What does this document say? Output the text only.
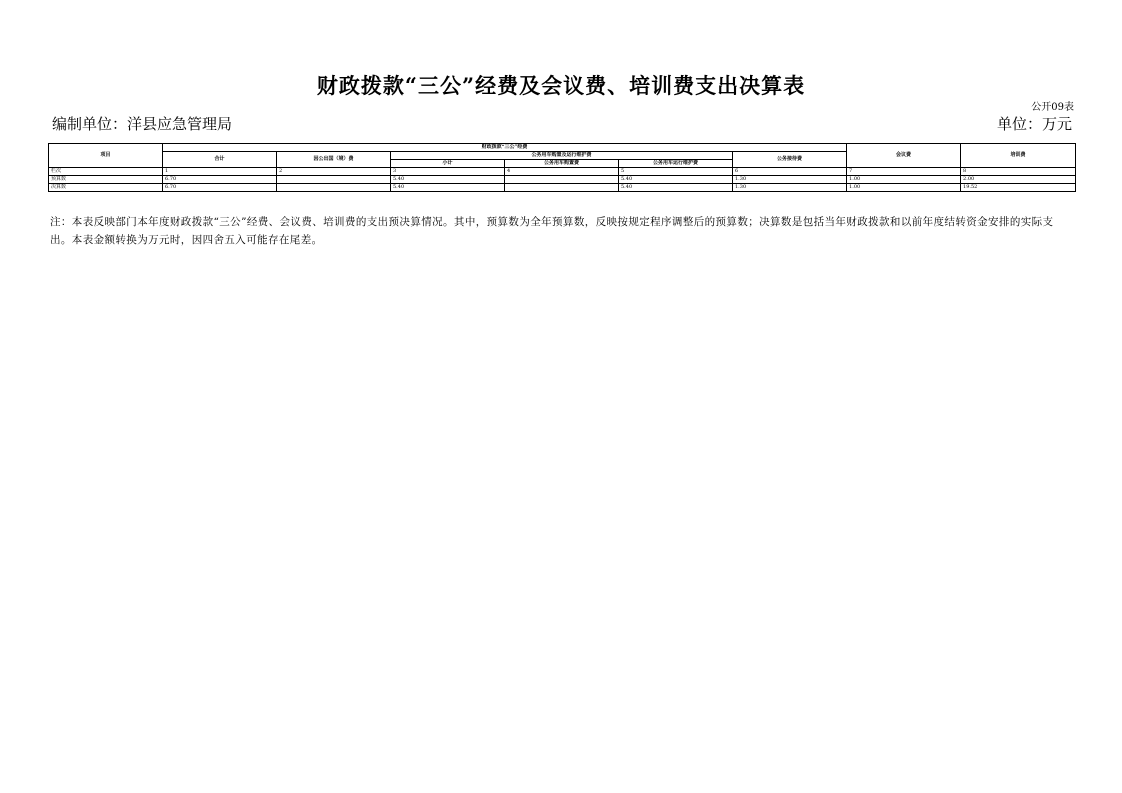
财政拨款“三公”经费及会议费、培训费支出决算表
公开09表
编制单位：洋县应急管理局	单位：万元
项目	财政拨款“三公”经费						会议费	培训费
	合计	因公出国（境）费	公务用车购置及运行维护费			公务接待费		
			小计	公务用车购置费	公务用车运行维护费			
栏次	1	2	3	4	5	6	7	8
预算数	6.70		5.40		5.40	1.30	1.00	2.00
决算数	6.70		5.40		5.40	1.30	1.00	19.52
注：本表反映部门本年度财政拨款“三公”经费、会议费、培训费的支出预决算情况。其中，预算数为全年预算数，反映按规定程序调整后的预算数；决算数是包括当年财政拨款和以前年度结转资金安排的实际支出。本表金额转换为万元时，因四舍五入可能存在尾差。
